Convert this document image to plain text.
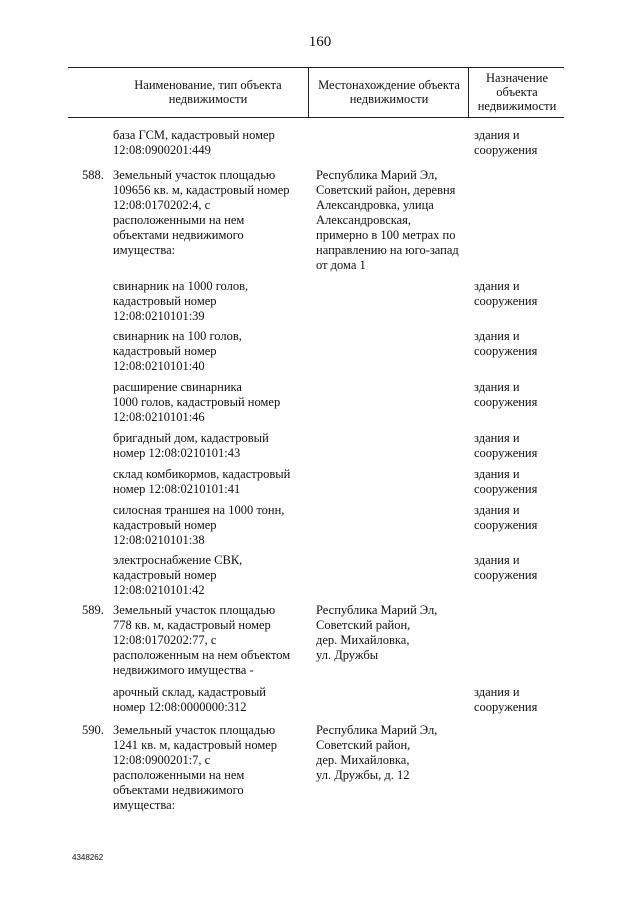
160
Наименование, тип объекта
недвижимости
Местонахождение объекта
недвижимости
Назначение
объекта
недвижимости
база ГСМ, кадастровый номер
12:08:0900201:449
здания и
сооружения
588. Земельный участок площадью
109656 кв. м, кадастровый номер
12:08:0170202:4, с
расположенными на нем
объектами недвижимого
имущества:
Республика Марий Эл,
Советский район, деревня
Александровка, улица
Александровская,
примерно в 100 метрах по
направлению на юго-запад
от дома 1
свинарник на 1000 голов,
кадастровый номер
12:08:0210101:39
здания и
сооружения
свинарник на 100 голов,
кадастровый номер
12:08:0210101:40
здания и
сооружения
расширение свинарника
1000 голов, кадастровый номер
12:08:0210101:46
здания и
сооружения
бригадный дом, кадастровый
номер 12:08:0210101:43
здания и
сооружения
склад комбикормов, кадастровый
номер 12:08:0210101:41
здания и
сооружения
силосная траншея на 1000 тонн,
кадастровый номер
12:08:0210101:38
здания и
сооружения
электроснабжение СВК,
кадастровый номер
12:08:0210101:42
здания и
сооружения
589. Земельный участок площадью
778 кв. м, кадастровый номер
12:08:0170202:77, с
расположенным на нем объектом
недвижимого имущества -
Республика Марий Эл,
Советский район,
дер. Михайловка,
ул. Дружбы
арочный склад, кадастровый
номер 12:08:0000000:312
здания и
сооружения
590. Земельный участок площадью
1241 кв. м, кадастровый номер
12:08:0900201:7, с
расположенными на нем
объектами недвижимого
имущества:
Республика Марий Эл,
Советский район,
дер. Михайловка,
ул. Дружбы, д. 12
4348262
